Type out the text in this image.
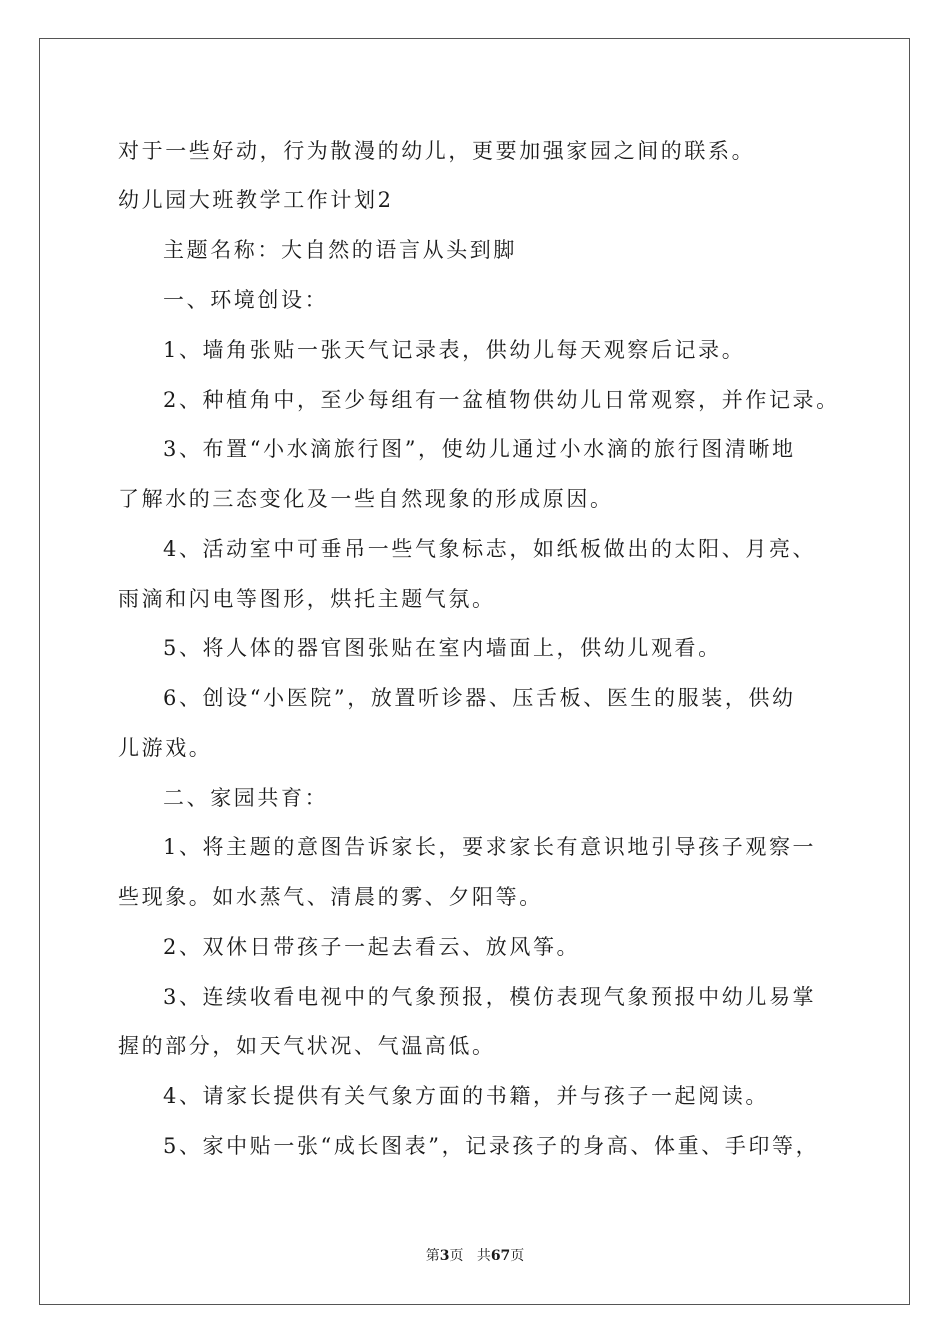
对于一些好动，行为散漫的幼儿，更要加强家园之间的联系。
幼儿园大班教学工作计划2
主题名称：大自然的语言从头到脚
一、环境创设：
1、墙角张贴一张天气记录表，供幼儿每天观察后记录。
2、种植角中，至少每组有一盆植物供幼儿日常观察，并作记录。
3、布置“小水滴旅行图”，使幼儿通过小水滴的旅行图清晰地
了解水的三态变化及一些自然现象的形成原因。
4、活动室中可垂吊一些气象标志，如纸板做出的太阳、月亮、
雨滴和闪电等图形，烘托主题气氛。
5、将人体的器官图张贴在室内墙面上，供幼儿观看。
6、创设“小医院”，放置听诊器、压舌板、医生的服装，供幼
儿游戏。
二、家园共育：
1、将主题的意图告诉家长，要求家长有意识地引导孩子观察一
些现象。如水蒸气、清晨的雾、夕阳等。
2、双休日带孩子一起去看云、放风筝。
3、连续收看电视中的气象预报，模仿表现气象预报中幼儿易掌
握的部分，如天气状况、气温高低。
4、请家长提供有关气象方面的书籍，并与孩子一起阅读。
5、家中贴一张“成长图表”，记录孩子的身高、体重、手印等，
第3页 共67页
